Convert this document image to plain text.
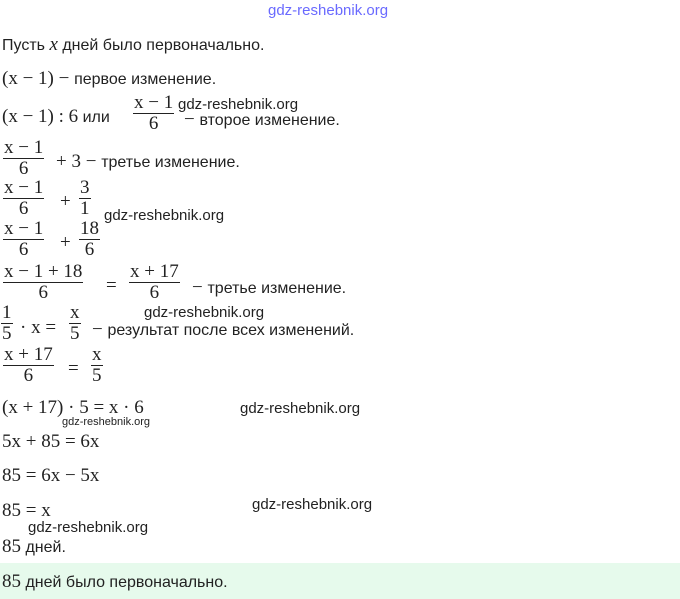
gdz-reshebnik.org
Пусть x дней было первоначально.
(x − 1) − первое изменение.
(x − 1) : 6 или
x − 1
6	− второе изменение.
gdz-reshebnik.org
x − 1
6	+ 3 − третье изменение.
x − 1
6	+
3
1 gdz-reshebnik.org
x − 1
6	+
18
6
x − 1 + 18
6	=
x + 17
6	− третье изменение.
1
5 · x =
x
5 − результат после всех изменений.
gdz-reshebnik.org
x + 17
6	=
x
5
(x + 17) · 5 = x · 6	gdz-reshebnik.org
gdz-reshebnik.org
5x + 85 = 6x
85 = 6x − 5x
85 = x	gdz-reshebnik.org
gdz-reshebnik.org
85 дней.
85 дней было первоначально.
